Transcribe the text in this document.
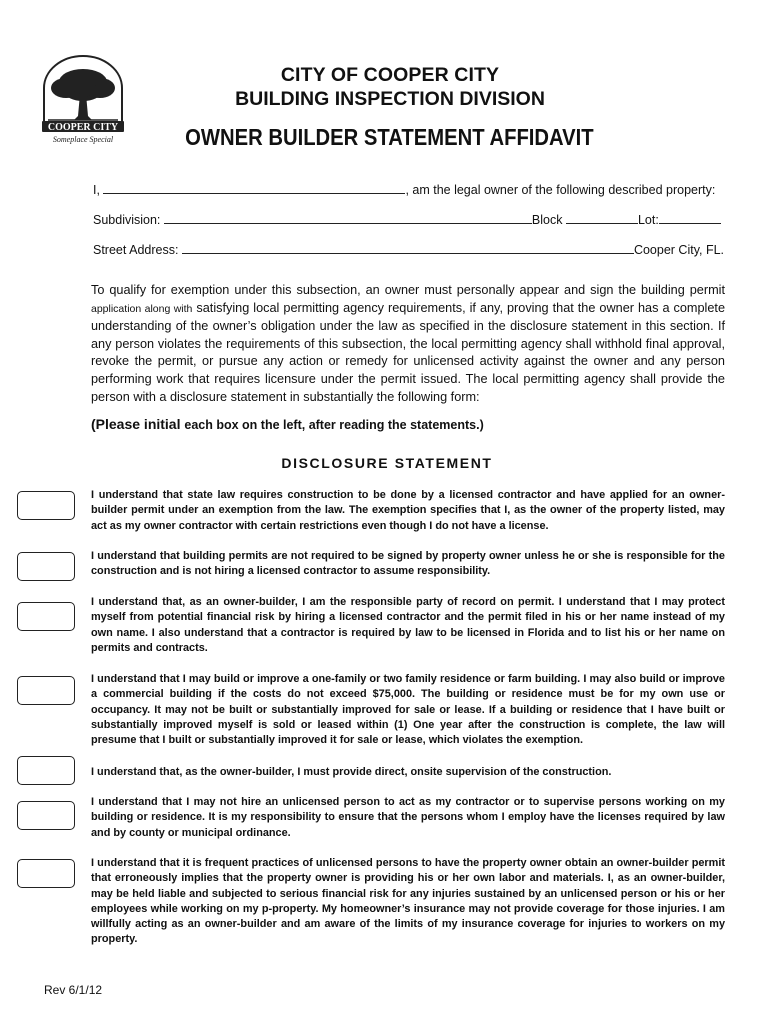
COOPER CITY
Someplace Special
CITY OF COOPER CITY
BUILDING INSPECTION DIVISION
OWNER BUILDER STATEMENT AFFIDAVIT
I,	, am the legal owner of the following described property:
Subdivision:	Block	Lot:
Street Address:	Cooper City, FL.

To qualify for exemption under this subsection, an owner must personally appear and sign the building permit application along with satisfying local permitting agency requirements, if any, proving that the owner has a complete understanding of the owner’s obligation under the law as specified in the disclosure statement in this section. If any person violates the requirements of this subsection, the local permitting agency shall withhold final approval, revoke the permit, or pursue any action or remedy for unlicensed activity against the owner and any person performing work that requires licensure under the permit issued. The local permitting agency shall provide the person with a disclosure statement in substantially the following form:

(Please initial each box on the left, after reading the statements.)

DISCLOSURE STATEMENT

I understand that state law requires construction to be done by a licensed contractor and have applied for an owner-builder permit under an exemption from the law. The exemption specifies that I, as the owner of the property listed, may act as my owner contractor with certain restrictions even though I do not have a license.

I understand that building permits are not required to be signed by property owner unless he or she is responsible for the construction and is not hiring a licensed contractor to assume responsibility.

I understand that, as an owner-builder, I am the responsible party of record on permit. I understand that I may protect myself from potential financial risk by hiring a licensed contractor and the permit filed in his or her name instead of my own name. I also understand that a contractor is required by law to be licensed in Florida and to list his or her name on permits and contracts.

I understand that I may build or improve a one-family or two family residence or farm building. I may also build or improve a commercial building if the costs do not exceed $75,000. The building or residence must be for my own use or occupancy. It may not be built or substantially improved for sale or lease. If a building or residence that I have built or substantially improved myself is sold or leased within (1) One year after the construction is complete, the law will presume that I built or substantially improved it for sale or lease, which violates the exemption.

I understand that, as the owner-builder, I must provide direct, onsite supervision of the construction.

I understand that I may not hire an unlicensed person to act as my contractor or to supervise persons working on my building or residence. It is my responsibility to ensure that the persons whom I employ have the licenses required by law and by county or municipal ordinance.

I understand that it is frequent practices of unlicensed persons to have the property owner obtain an owner-builder permit that erroneously implies that the property owner is providing his or her own labor and materials. I, as an owner-builder, may be held liable and subjected to serious financial risk for any injuries sustained by an unlicensed person or his or her employees while working on my p-property. My homeowner’s insurance may not provide coverage for those injuries. I am willfully acting as an owner-builder and am aware of the limits of my insurance coverage for injuries to workers on my property.

Rev 6/1/12
